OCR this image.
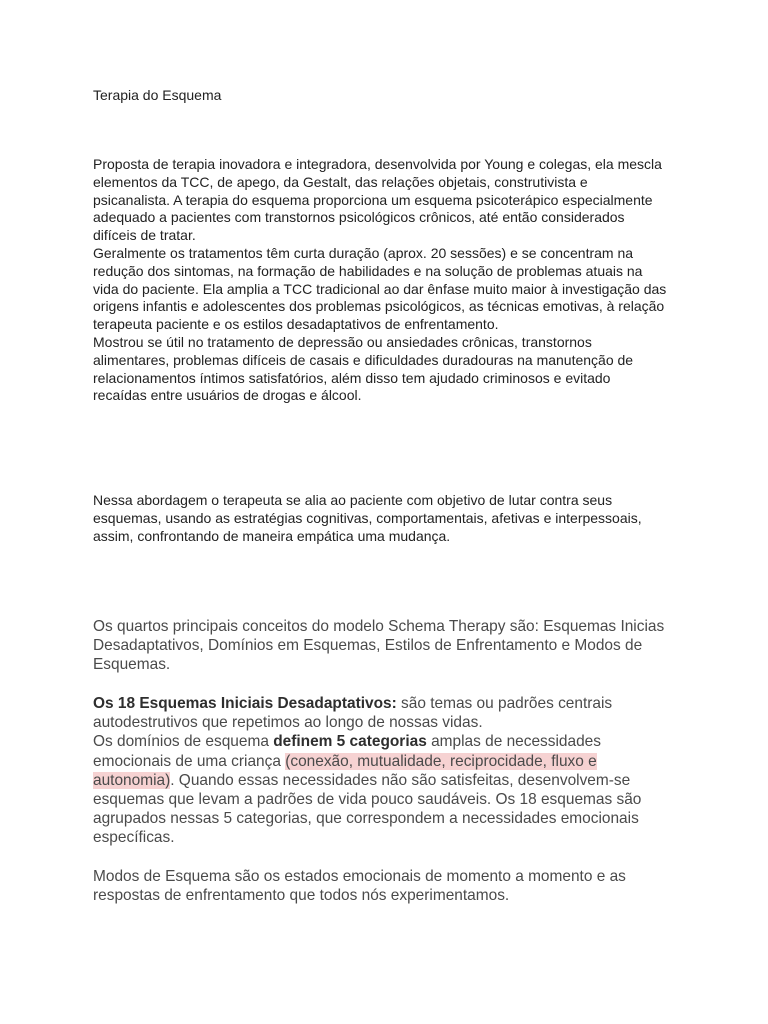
Terapia do Esquema
Proposta de terapia inovadora e integradora, desenvolvida por Young e colegas, ela mescla
elementos da TCC, de apego, da Gestalt, das relações objetais, construtivista e
psicanalista. A terapia do esquema proporciona um esquema psicoterápico especialmente
adequado a pacientes com transtornos psicológicos crônicos, até então considerados
difíceis de tratar.
Geralmente os tratamentos têm curta duração (aprox. 20 sessões) e se concentram na
redução dos sintomas, na formação de habilidades e na solução de problemas atuais na
vida do paciente. Ela amplia a TCC tradicional ao dar ênfase muito maior à investigação das
origens infantis e adolescentes dos problemas psicológicos, as técnicas emotivas, à relação
terapeuta paciente e os estilos desadaptativos de enfrentamento.
Mostrou se útil no tratamento de depressão ou ansiedades crônicas, transtornos
alimentares, problemas difíceis de casais e dificuldades duradouras na manutenção de
relacionamentos íntimos satisfatórios, além disso tem ajudado criminosos e evitado
recaídas entre usuários de drogas e álcool.
Nessa abordagem o terapeuta se alia ao paciente com objetivo de lutar contra seus
esquemas, usando as estratégias cognitivas, comportamentais, afetivas e interpessoais,
assim, confrontando de maneira empática uma mudança.
Os quartos principais conceitos do modelo Schema Therapy são: Esquemas Inicias
Desadaptativos, Domínios em Esquemas, Estilos de Enfrentamento e Modos de
Esquemas.
Os 18 Esquemas Iniciais Desadaptativos: são temas ou padrões centrais
autodestrutivos que repetimos ao longo de nossas vidas.
Os domínios de esquema definem 5 categorias amplas de necessidades
emocionais de uma criança (conexão, mutualidade, reciprocidade, fluxo e
autonomia). Quando essas necessidades não são satisfeitas, desenvolvem-se
esquemas que levam a padrões de vida pouco saudáveis. Os 18 esquemas são
agrupados nessas 5 categorias, que correspondem a necessidades emocionais
específicas.
Modos de Esquema são os estados emocionais de momento a momento e as
respostas de enfrentamento que todos nós experimentamos.
